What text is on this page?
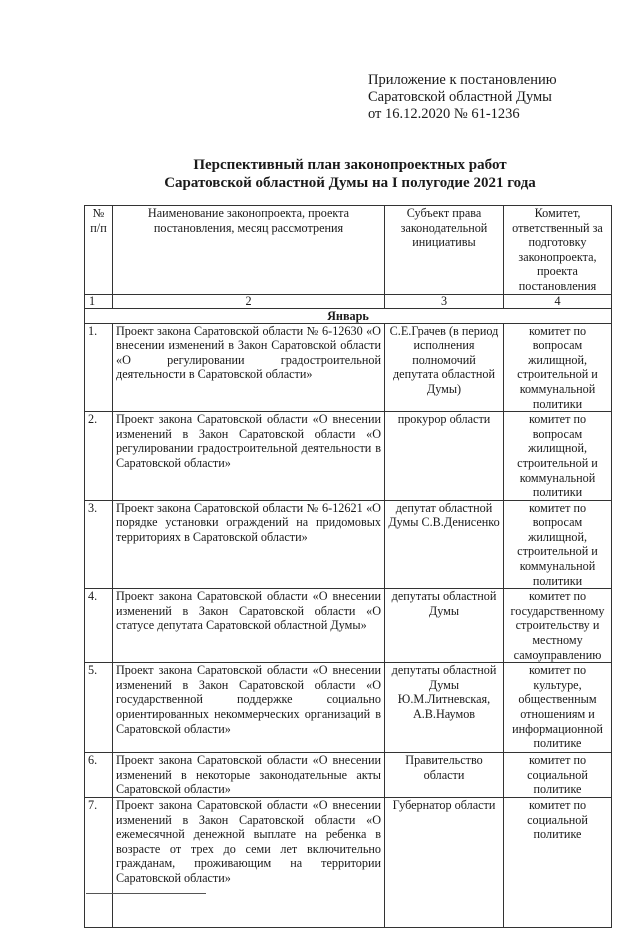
Приложение к постановлению
Саратовской областной Думы
от 16.12.2020 № 61-1236
Перспективный план законопроектных работ
Саратовской областной Думы на I полугодие 2021 года
№ п/п	Наименование законопроекта, проекта постановления, месяц рассмотрения	Субъект права законодательной инициативы	Комитет, ответственный за подготовку законопроекта, проекта постановления
1	2	3	4
Январь			
1.	Проект закона Саратовской области № 6-12630 «О внесении изменений в Закон Саратовской области «О регулировании градостроительной деятельности в Саратовской области»	С.Е.Грачев (в период исполнения полномочий депутата областной Думы)	комитет по вопросам жилищной, строительной и коммунальной политики
2.	Проект закона Саратовской области «О внесении изменений в Закон Саратовской области «О регулировании градостроительной деятельности в Саратовской области»	прокурор области	комитет по вопросам жилищной, строительной и коммунальной политики
3.	Проект закона Саратовской области № 6-12621 «О порядке установки ограждений на придомовых территориях в Саратовской области»	депутат областной Думы С.В.Денисенко	комитет по вопросам жилищной, строительной и коммунальной политики
4.	Проект закона Саратовской области «О внесении изменений в Закон Саратовской области «О статусе депутата Саратовской областной Думы»	депутаты областной Думы	комитет по государственному строительству и местному самоуправлению
5.	Проект закона Саратовской области «О внесении изменений в Закон Саратовской области «О государственной поддержке социально ориентированных некоммерческих организаций в Саратовской области»	депутаты областной Думы Ю.М.Литневская, А.В.Наумов	комитет по культуре, общественным отношениям и информационной политике
6.	Проект закона Саратовской области «О внесении изменений в некоторые законодательные акты Саратовской области»	Правительство области	комитет по социальной политике
7.	Проект закона Саратовской области «О внесении изменений в Закон Саратовской области «О ежемесячной денежной выплате на ребенка в возрасте от трех до семи лет включительно гражданам, проживающим на территории Саратовской области»	Губернатор области	комитет по социальной политике
